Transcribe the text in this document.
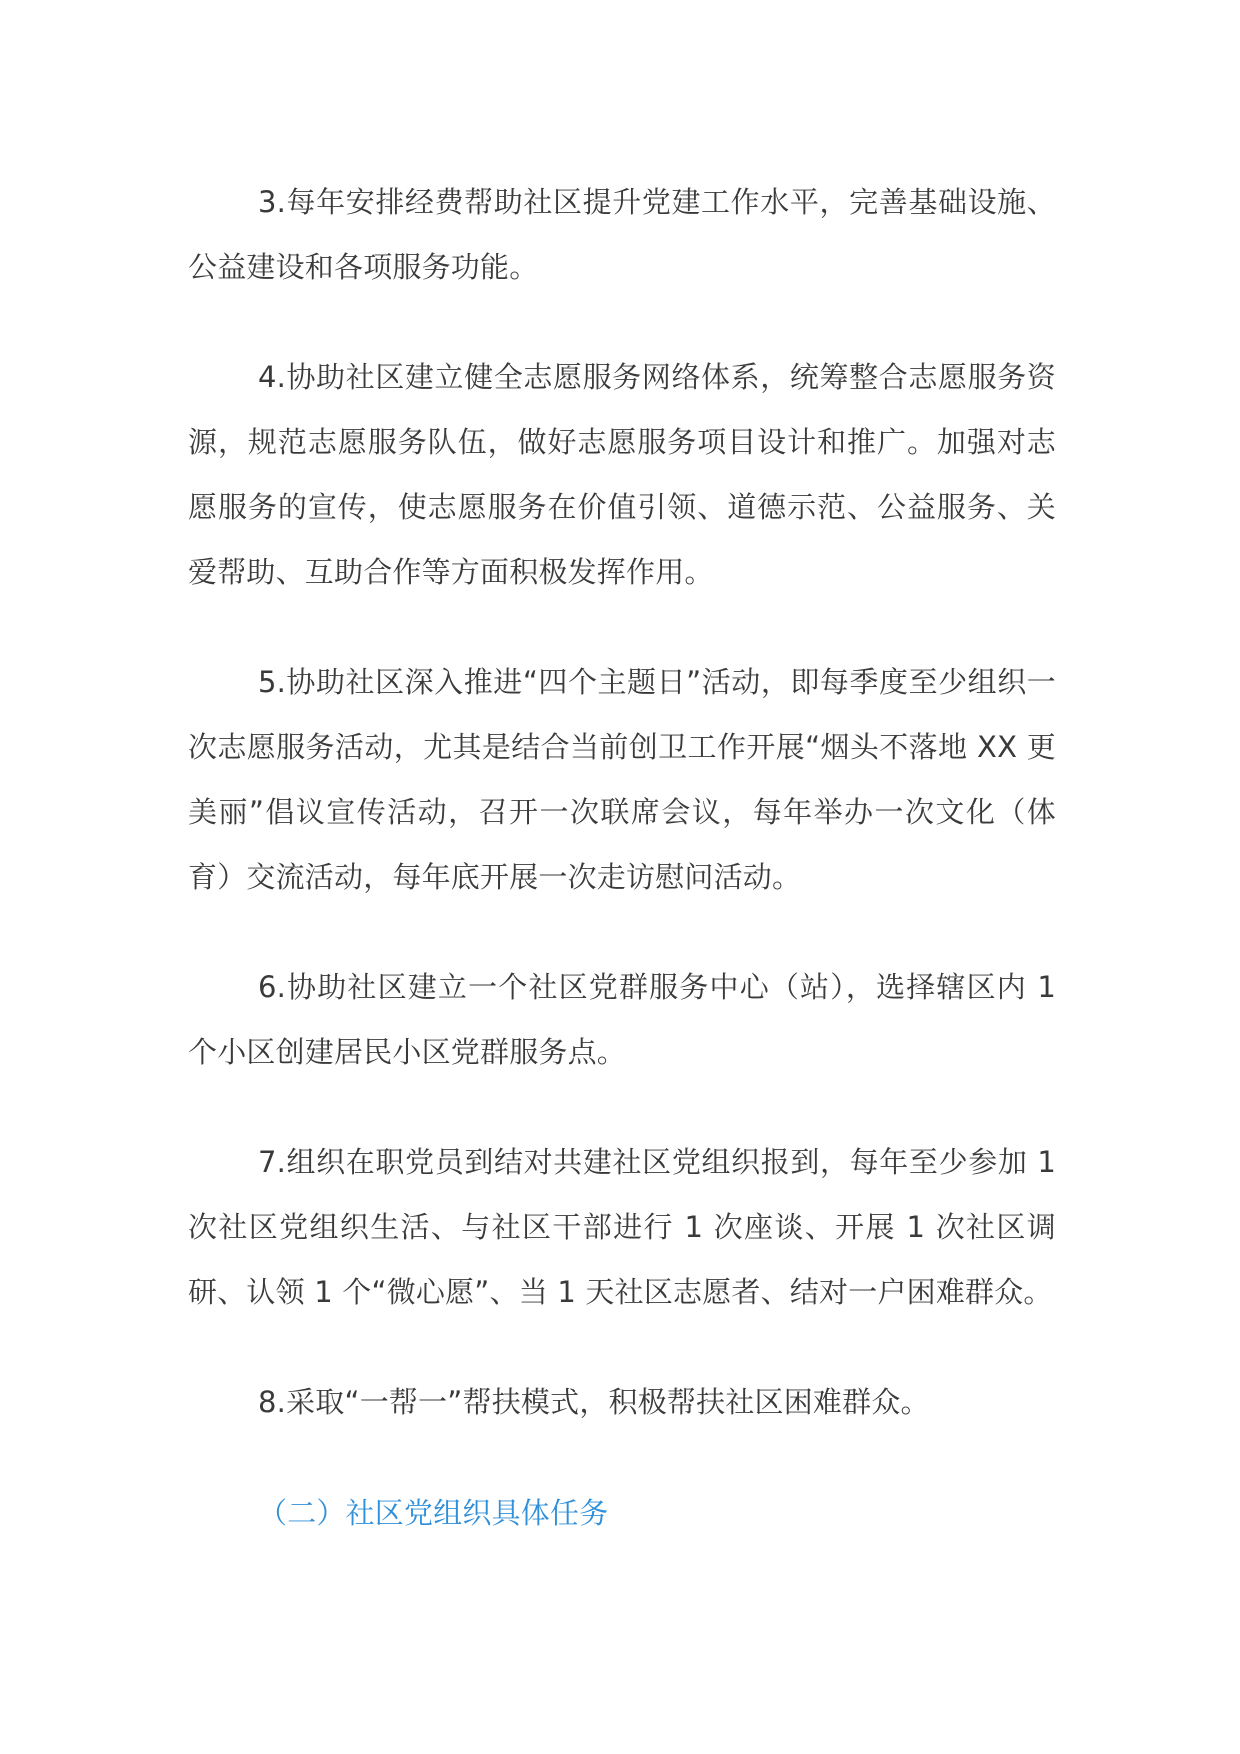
3.每年安排经费帮助社区提升党建工作水平，完善基础设施、公益建设和各项服务功能。

4.协助社区建立健全志愿服务网络体系，统筹整合志愿服务资源，规范志愿服务队伍，做好志愿服务项目设计和推广。加强对志愿服务的宣传，使志愿服务在价值引领、道德示范、公益服务、关爱帮助、互助合作等方面积极发挥作用。

5.协助社区深入推进“四个主题日”活动，即每季度至少组织一次志愿服务活动，尤其是结合当前创卫工作开展“烟头不落地 XX 更美丽”倡议宣传活动，召开一次联席会议，每年举办一次文化（体育）交流活动，每年底开展一次走访慰问活动。

6.协助社区建立一个社区党群服务中心（站），选择辖区内 1 个小区创建居民小区党群服务点。

7.组织在职党员到结对共建社区党组织报到，每年至少参加 1 次社区党组织生活、与社区干部进行 1 次座谈、开展 1 次社区调研、认领 1 个“微心愿”、当 1 天社区志愿者、结对一户困难群众。

8.采取“一帮一”帮扶模式，积极帮扶社区困难群众。

（二）社区党组织具体任务
